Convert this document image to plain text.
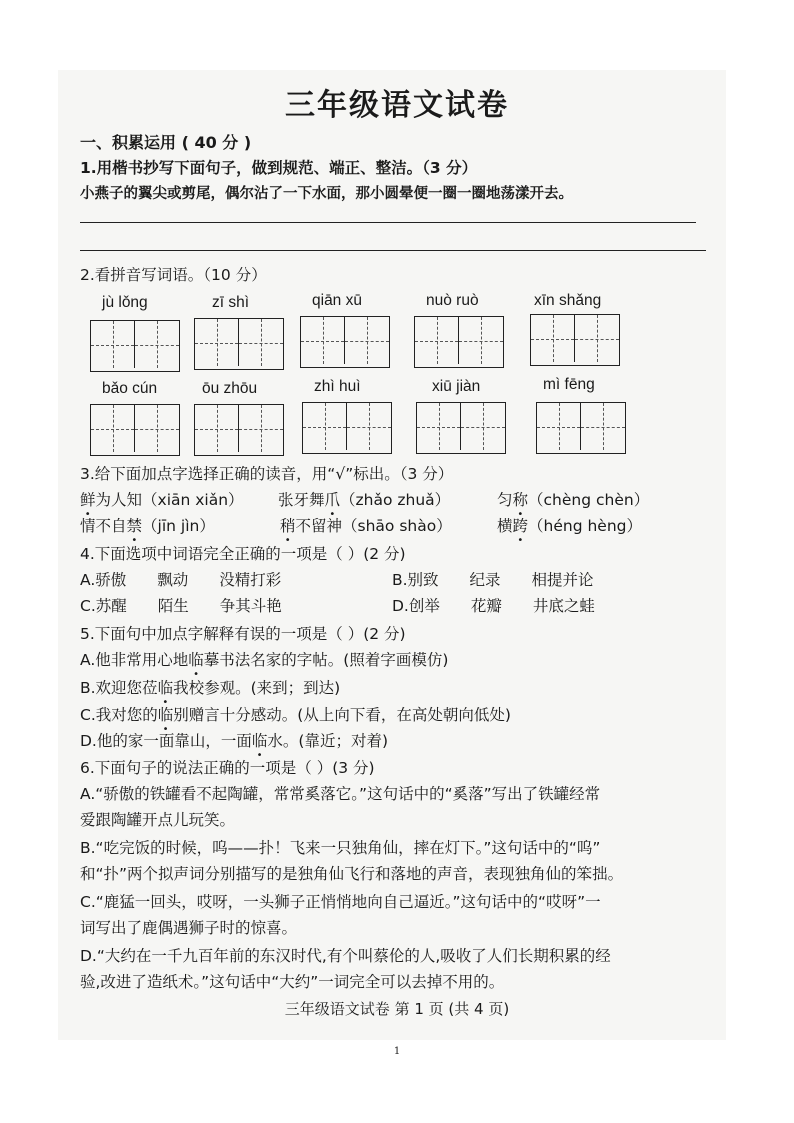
三年级语文试卷
一、积累运用 ( 40 分 )
1.用楷书抄写下面句子，做到规范、端正、整洁。（3 分）
小燕子的翼尖或剪尾，偶尔沾了一下水面，那小圆晕便一圈一圈地荡漾开去。
2.看拼音写词语。（10 分）
jù lǒng	zī shì	qiān xū	nuò ruò	xīn shǎng
bǎo cún	ōu zhōu	zhì huì	xiū jiàn	mì fēng
3.给下面加点字选择正确的读音，用“√”标出。（3 分）
鲜为人知（xiān xiǎn） 张牙舞爪（zhǎo zhuǎ）	匀称（chèng chèn）
情不自禁（jīn jìn）	稍不留神（shāo shào）	横跨（héng hèng）
4.下面选项中词语完全正确的一项是（ ）(2 分)
A.骄傲　　飘动　　没精打彩	B.别致　　纪录　　相提并论
C.苏醒　　陌生　　争其斗艳	D.创举　　花瓣　　井底之蛙
5.下面句中加点字解释有误的一项是（ ）(2 分)
A.他非常用心地临摹书法名家的字帖。(照着字画模仿)
B.欢迎您莅临我校参观。(来到；到达)
C.我对您的临别赠言十分感动。(从上向下看，在高处朝向低处)
D.他的家一面靠山，一面临水。(靠近；对着)
6.下面句子的说法正确的一项是（ ）(3 分)
A.“骄傲的铁罐看不起陶罐，常常奚落它。”这句话中的“奚落”写出了铁罐经常
爱跟陶罐开点儿玩笑。
B.“吃完饭的时候，呜——扑！飞来一只独角仙，摔在灯下。”这句话中的“呜”
和“扑”两个拟声词分别描写的是独角仙飞行和落地的声音，表现独角仙的笨拙。
C.“鹿猛一回头，哎呀，一头狮子正悄悄地向自己逼近。”这句话中的“哎呀”一
词写出了鹿偶遇狮子时的惊喜。
D.“大约在一千九百年前的东汉时代,有个叫蔡伦的人,吸收了人们长期积累的经
验,改进了造纸术。”这句话中“大约”一词完全可以去掉不用的。
三年级语文试卷 第 1 页 (共 4 页)
1
